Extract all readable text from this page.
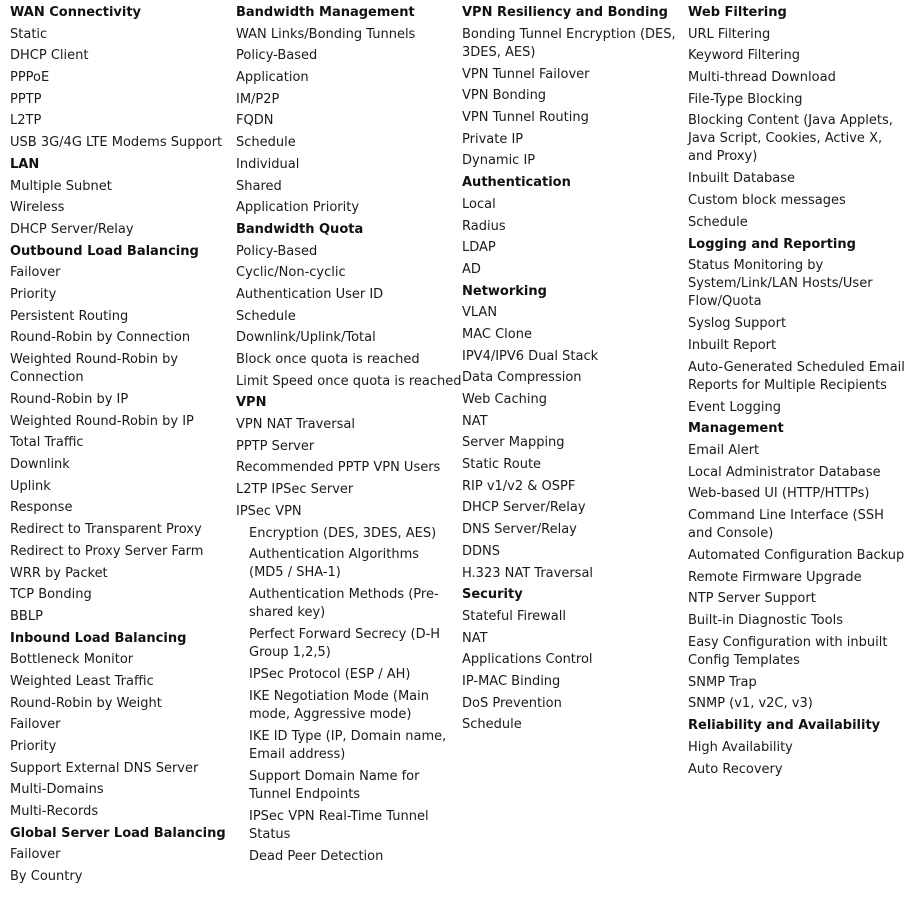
WAN Connectivity
Static
DHCP Client
PPPoE
PPTP
L2TP
USB 3G/4G LTE Modems Support
LAN
Multiple Subnet
Wireless
DHCP Server/Relay
Outbound Load Balancing
Failover
Priority
Persistent Routing
Round-Robin by Connection
Weighted Round-Robin by Connection
Round-Robin by IP
Weighted Round-Robin by IP
Total Traffic
Downlink
Uplink
Response
Redirect to Transparent Proxy
Redirect to Proxy Server Farm
WRR by Packet
TCP Bonding
BBLP
Inbound Load Balancing
Bottleneck Monitor
Weighted Least Traffic
Round-Robin by Weight
Failover
Priority
Support External DNS Server
Multi-Domains
Multi-Records
Global Server Load Balancing
Failover
By Country
Bandwidth Management
WAN Links/Bonding Tunnels
Policy-Based
Application
IM/P2P
FQDN
Schedule
Individual
Shared
Application Priority
Bandwidth Quota
Policy-Based
Cyclic/Non-cyclic
Authentication User ID
Schedule
Downlink/Uplink/Total
Block once quota is reached
Limit Speed once quota is reached
VPN
VPN NAT Traversal
PPTP Server
Recommended PPTP VPN Users
L2TP IPSec Server
IPSec VPN
Encryption (DES, 3DES, AES)
Authentication Algorithms (MD5 / SHA-1)
Authentication Methods (Pre-shared key)
Perfect Forward Secrecy (D-H Group 1,2,5)
IPSec Protocol (ESP / AH)
IKE Negotiation Mode (Main mode, Aggressive mode)
IKE ID Type (IP, Domain name, Email address)
Support Domain Name for Tunnel Endpoints
IPSec VPN Real-Time Tunnel Status
Dead Peer Detection
VPN Resiliency and Bonding
Bonding Tunnel Encryption (DES, 3DES, AES)
VPN Tunnel Failover
VPN Bonding
VPN Tunnel Routing
Private IP
Dynamic IP
Authentication
Local
Radius
LDAP
AD
Networking
VLAN
MAC Clone
IPV4/IPV6 Dual Stack
Data Compression
Web Caching
NAT
Server Mapping
Static Route
RIP v1/v2 & OSPF
DHCP Server/Relay
DNS Server/Relay
DDNS
H.323 NAT Traversal
Security
Stateful Firewall
NAT
Applications Control
IP-MAC Binding
DoS Prevention
Schedule
Web Filtering
URL Filtering
Keyword Filtering
Multi-thread Download
File-Type Blocking
Blocking Content (Java Applets, Java Script, Cookies, Active X, and Proxy)
Inbuilt Database
Custom block messages
Schedule
Logging and Reporting
Status Monitoring by System/Link/LAN Hosts/User Flow/Quota
Syslog Support
Inbuilt Report
Auto-Generated Scheduled Email Reports for Multiple Recipients
Event Logging
Management
Email Alert
Local Administrator Database
Web-based UI (HTTP/HTTPs)
Command Line Interface (SSH and Console)
Automated Configuration Backup
Remote Firmware Upgrade
NTP Server Support
Built-in Diagnostic Tools
Easy Configuration with inbuilt Config Templates
SNMP Trap
SNMP (v1, v2C, v3)
Reliability and Availability
High Availability
Auto Recovery
